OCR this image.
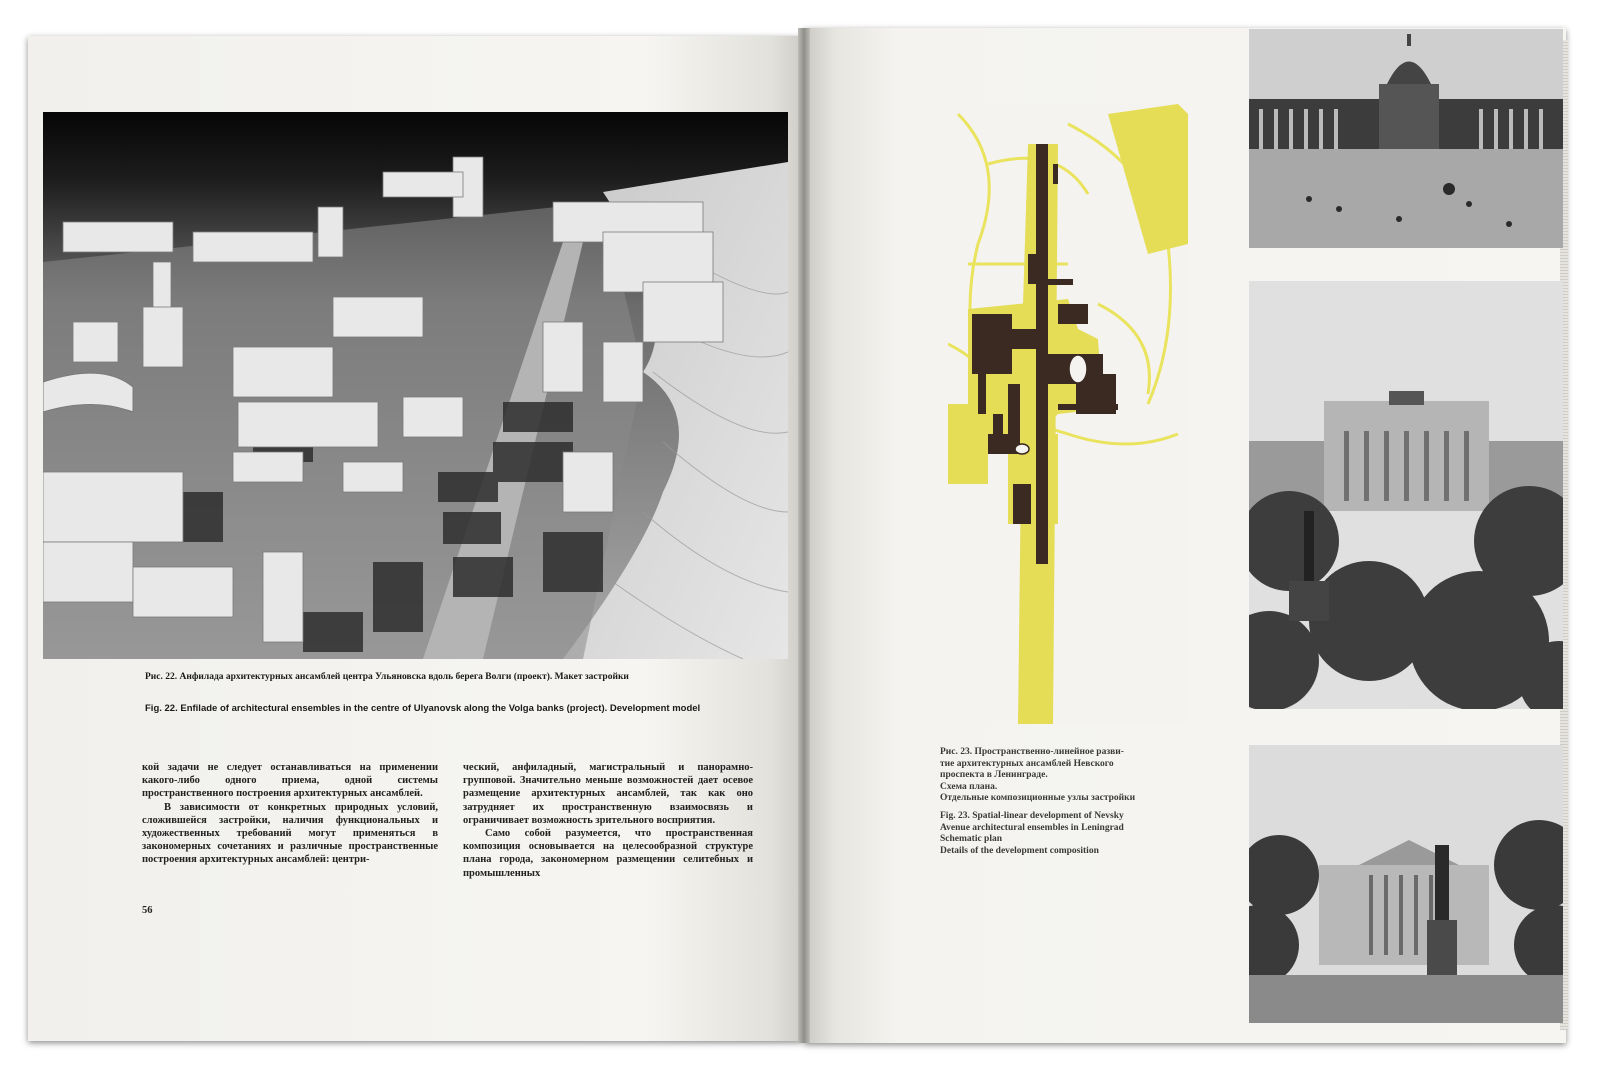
Рис. 22. Анфилада архитектурных ансамблей центра Ульяновска вдоль берега Волги (проект). Макет застройки
Fig. 22. Enfilade of architectural ensembles in the centre of Ulyanovsk along the Volga banks (project). Development model

кой задачи не следует останавливаться на применении какого-либо одного приема, одной системы пространственного построения архитектурных ансамблей.

В зависимости от конкретных природных условий, сложившейся застройки, наличия функциональных и художественных требований могут применяться в закономерных сочетаниях и различные пространственные построения архитектурных ансамблей: центри-

ческий, анфиладный, магистральный и панорамно-групповой. Значительно меньше возможностей дает осевое размещение архитектурных ансамблей, так как оно затрудняет их пространственную взаимосвязь и ограничивает возможность зрительного восприятия.

Само собой разумеется, что пространственная композиция основывается на целесообразной структуре плана города, закономерном размещении селитебных и промышленных

56
Рис. 23. Пространственно-линейное разви-
тие архитектурных ансамблей Невского
проспекта в Ленинграде.
Схема плана.
Отдельные композиционные узлы застройки
Fig. 23. Spatial-linear development of Nevsky
Avenue architectural ensembles in Leningrad
Schematic plan
Details of the development composition
